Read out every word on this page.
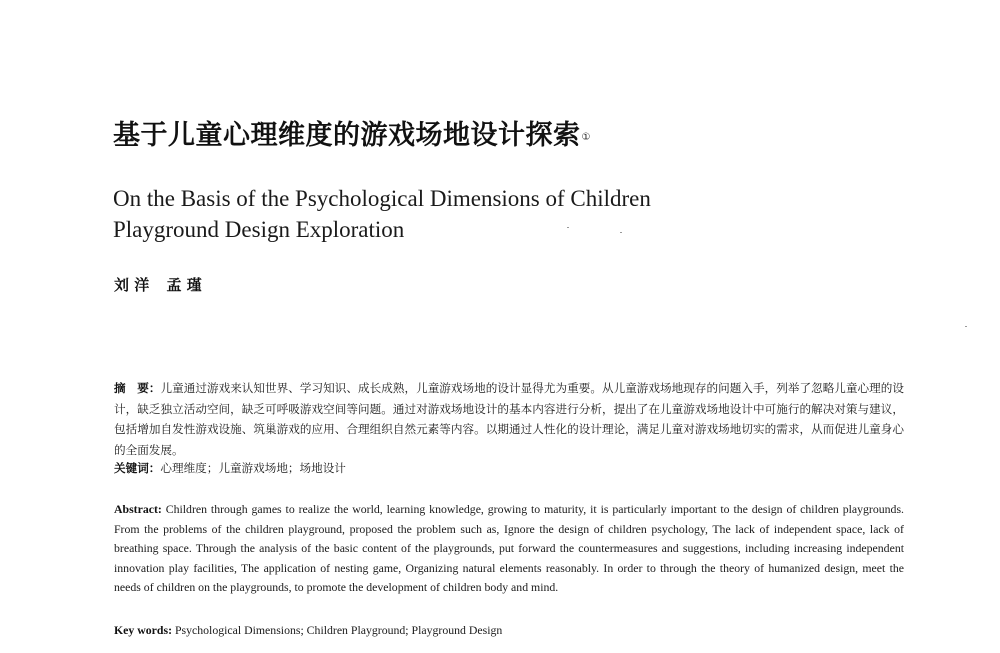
基于儿童心理维度的游戏场地设计探索①
On the Basis of the Psychological Dimensions of Children Playground Design Exploration
刘 洋 孟 瑾

摘　要：儿童通过游戏来认知世界、学习知识、成长成熟，儿童游戏场地的设计显得尤为重要。从儿童游戏场地现存的问题入手，列举了忽略儿童心理的设计，缺乏独立活动空间，缺乏可呼吸游戏空间等问题。通过对游戏场地设计的基本内容进行分析，提出了在儿童游戏场地设计中可施行的解决对策与建议，包括增加自发性游戏设施、筑巢游戏的应用、合理组织自然元素等内容。以期通过人性化的设计理论，满足儿童对游戏场地切实的需求，从而促进儿童身心的全面发展。

关键词：心理维度；儿童游戏场地；场地设计

Abstract: Children through games to realize the world, learning knowledge, growing to maturity, it is particularly important to the design of children playgrounds. From the problems of the children playground, proposed the problem such as, Ignore the design of children psychology, The lack of independent space, lack of breathing space. Through the analysis of the basic content of the playgrounds, put forward the countermeasures and suggestions, including increasing independent innovation play facilities, The application of nesting game, Organizing natural elements reasonably. In order to through the theory of humanized design, meet the needs of children on the playgrounds, to promote the development of children body and mind.

Key words: Psychological Dimensions; Children Playground; Playground Design
